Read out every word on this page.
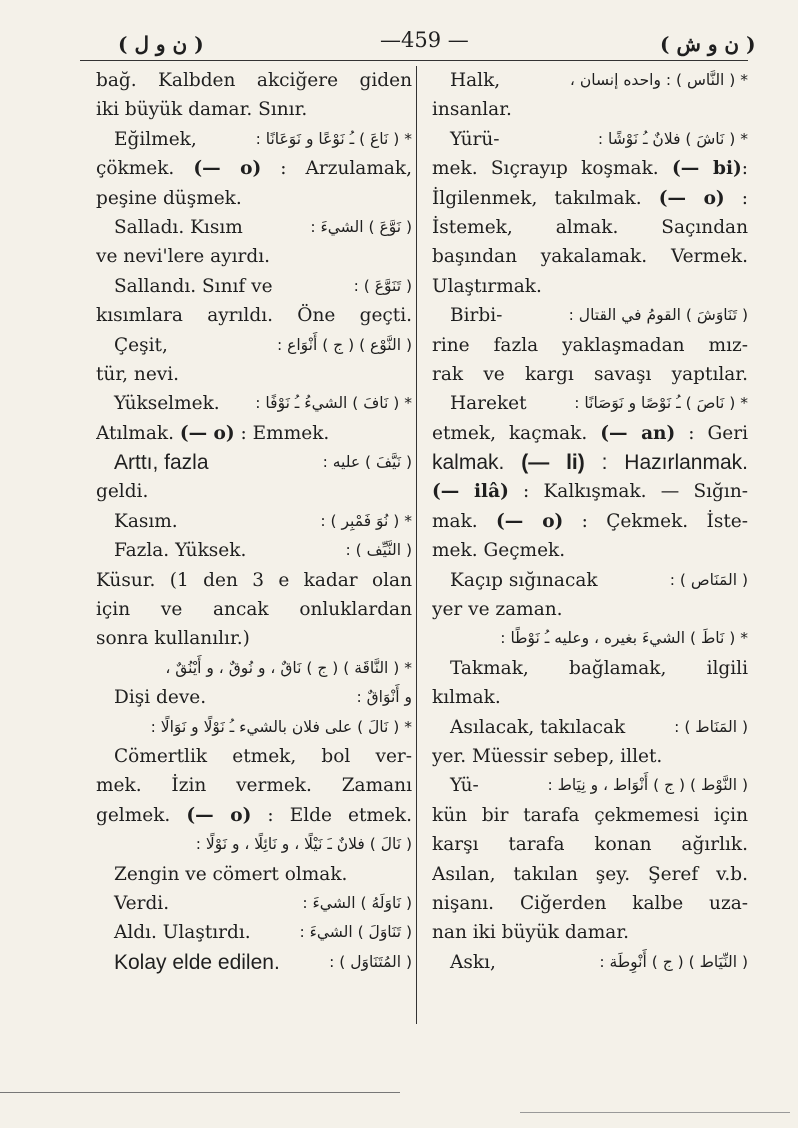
( ن و ل )	—459 —	( ن و ش )
bağ. Kalbden akciğere giden
iki büyük damar. Sınır.
Eğilmek,	* ( نَاعَ ) ـُ نَوْعًا و نَوَعَانًا :
çökmek. (— o) : Arzulamak,
peşine düşmek.
Salladı. Kısım	( نَوَّعَ ) الشيءَ :
ve nevi'lere ayırdı.
Sallandı. Sınıf ve	( تَنَوَّعَ ) :
kısımlara ayrıldı. Öne geçti.
Çeşit,	( النَّوْع ) ( ج ) أَنْوَاع :
tür, nevi.
Yükselmek.	* ( نَافَ ) الشيءُ ـُ نَوْفًا :
Atılmak. (— o) : Emmek.
Arttı, fazla	( نَيَّفَ ) عليه :
geldi.
Kasım.	* ( نُوَ فَمْبِر ) :
Fazla. Yüksek.	( النَّيِّف ) :
Küsur. (1 den 3 e kadar olan
için ve ancak onluklardan
sonra kullanılır.)
* ( النَّاقَة ) ( ج ) نَاقٌ ، و نُوقٌ ، و أَيْنُقٌ ،
Dişi deve.	و أَنْوَاقٌ :
* ( نَالَ ) على فلان بالشيء ـُ نَوْلًا و نَوَالًا :
Cömertlik etmek, bol ver-
mek. İzin vermek. Zamanı
gelmek. (— o) : Elde etmek.
( نَالَ ) فلانٌ ـَ نَيْلًا ، و نَائِلًا ، و نَوْلًا :
Zengin ve cömert olmak.
Verdi.	( نَاوَلَهُ ) الشيءَ :
Aldı. Ulaştırdı.	( تَنَاوَلَ ) الشيءَ :
Kolay elde edilen.	( المُتَنَاوَل ) :
Halk,	* ( النَّاس ) : واحده إنسان ،
insanlar.
Yürü-	* ( نَاشَ ) فلانٌ ـُ نَوْشًا :
mek. Sıçrayıp koşmak. (— bi):
İlgilenmek, takılmak. (— o) :
İstemek, almak. Saçından
başından yakalamak. Vermek.
Ulaştırmak.
Birbi-	( تَنَاوَشَ ) القومُ في القتال :
rine fazla yaklaşmadan mız-
rak ve kargı savaşı yaptılar.
Hareket	* ( نَاصَ ) ـُ نَوْصًا و نَوَصَانًا :
etmek, kaçmak. (— an) : Geri
kalmak. (— li) : Hazırlanmak.
(— ilâ) : Kalkışmak. — Sığın-
mak. (— o) : Çekmek. İste-
mek. Geçmek.
Kaçıp sığınacak	( المَنَاص ) :
yer ve zaman.
* ( نَاطَ ) الشيءَ بغيره ، وعليه ـُ نَوْطًا :
Takmak, bağlamak, ilgili
kılmak.
Asılacak, takılacak	( المَنَاط ) :
yer. Müessir sebep, illet.
Yü-	( النَّوْط ) ( ج ) أَنْوَاط ، و نِيَاط :
kün bir tarafa çekmemesi için
karşı tarafa konan ağırlık.
Asılan, takılan şey. Şeref v.b.
nişanı. Ciğerden kalbe uza-
nan iki büyük damar.
Askı,	( النِّيَاط ) ( ج ) أَنْوِطَة :
